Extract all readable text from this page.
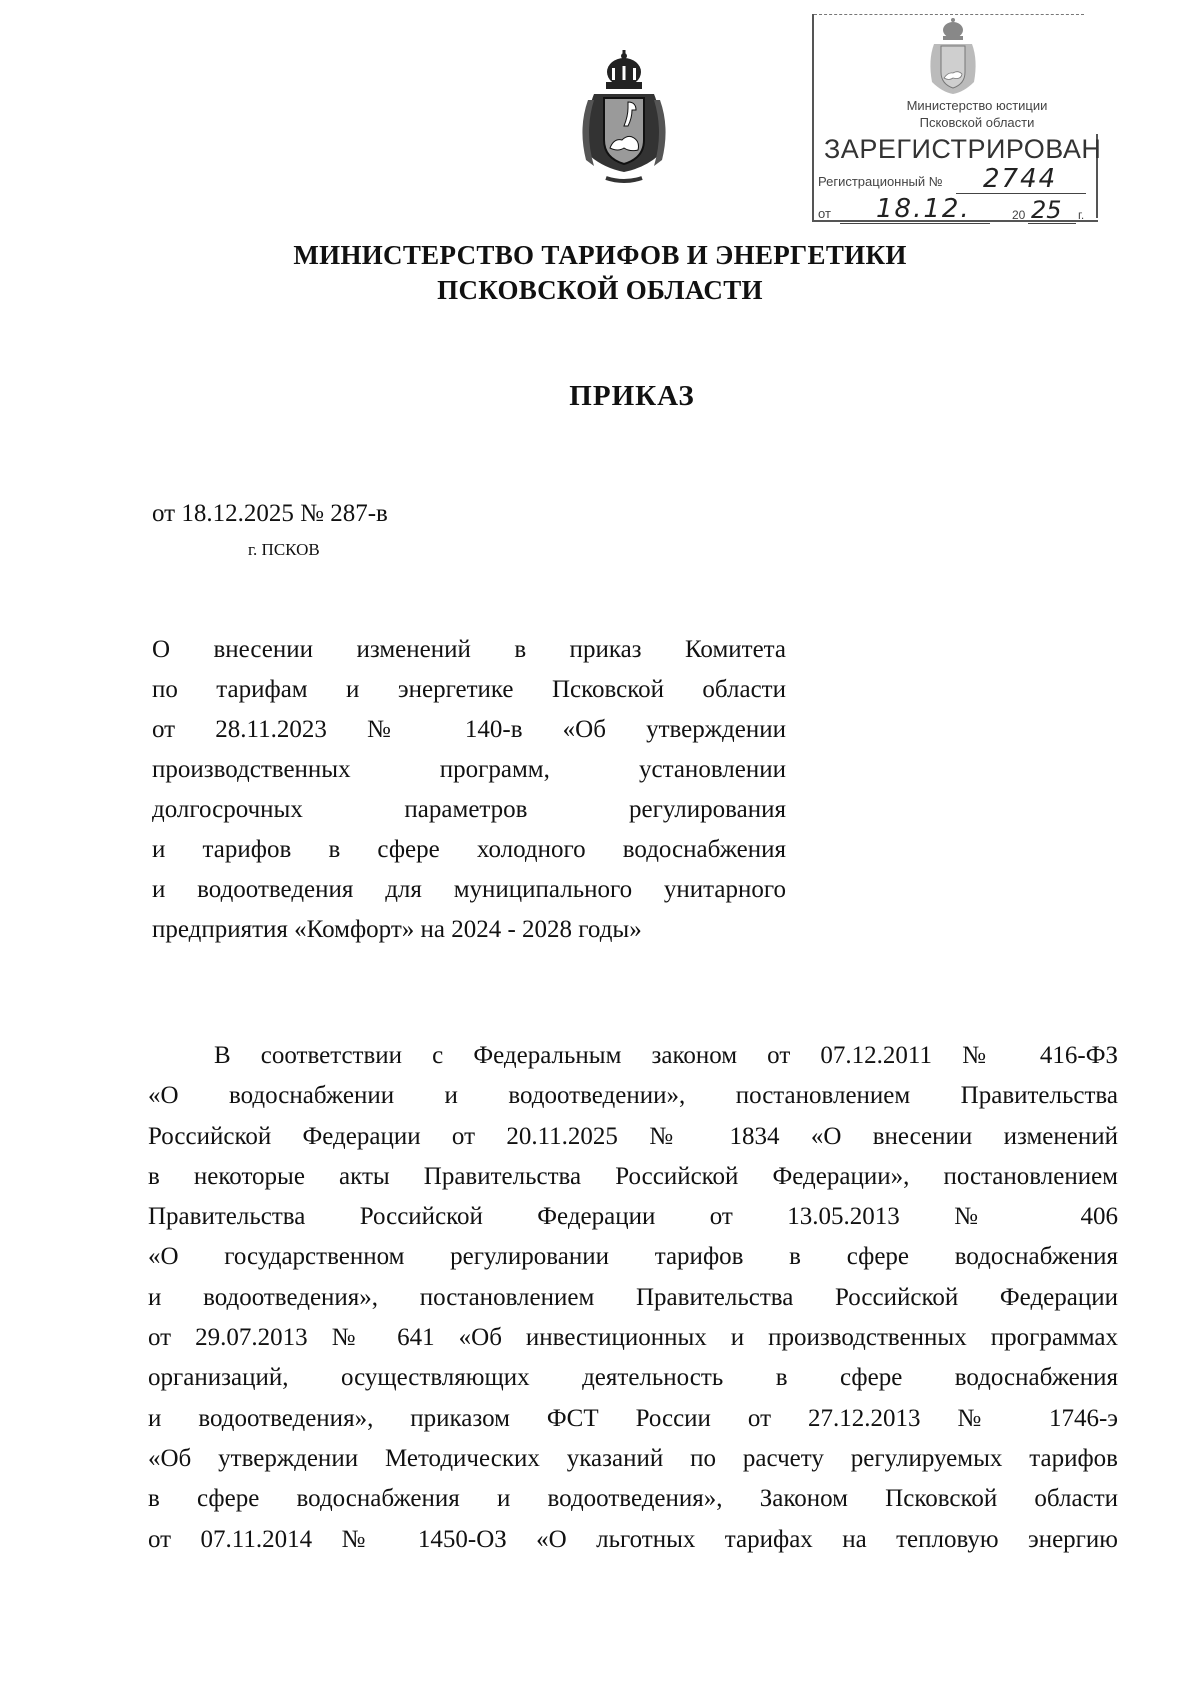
Министерство юстиции
Псковской области
ЗАРЕГИСТРИРОВАН
Регистрационный № 2744
от 18.12.	20 25 г.
МИНИСТЕРСТВО ТАРИФОВ И ЭНЕРГЕТИКИ
ПСКОВСКОЙ ОБЛАСТИ
ПРИКАЗ
от 18.12.2025 № 287-в
г. ПСКОВ
О внесении изменений в приказ Комитета
по тарифам и энергетике Псковской области
от 28.11.2023 № 140-в «Об утверждении
производственных программ, установлении
долгосрочных параметров регулирования
и тарифов в сфере холодного водоснабжения
и водоотведения для муниципального унитарного
предприятия «Комфорт» на 2024 - 2028 годы»
В соответствии с Федеральным законом от 07.12.2011 № 416-ФЗ
«О водоснабжении и водоотведении», постановлением Правительства
Российской Федерации от 20.11.2025 № 1834 «О внесении изменений
в некоторые акты Правительства Российской Федерации», постановлением
Правительства Российской Федерации от 13.05.2013 № 406
«О государственном регулировании тарифов в сфере водоснабжения
и водоотведения», постановлением Правительства Российской Федерации
от 29.07.2013 № 641 «Об инвестиционных и производственных программах
организаций, осуществляющих деятельность в сфере водоснабжения
и водоотведения», приказом ФСТ России от 27.12.2013 № 1746-э
«Об утверждении Методических указаний по расчету регулируемых тарифов
в сфере водоснабжения и водоотведения», Законом Псковской области
от 07.11.2014 № 1450-ОЗ «О льготных тарифах на тепловую энергию
